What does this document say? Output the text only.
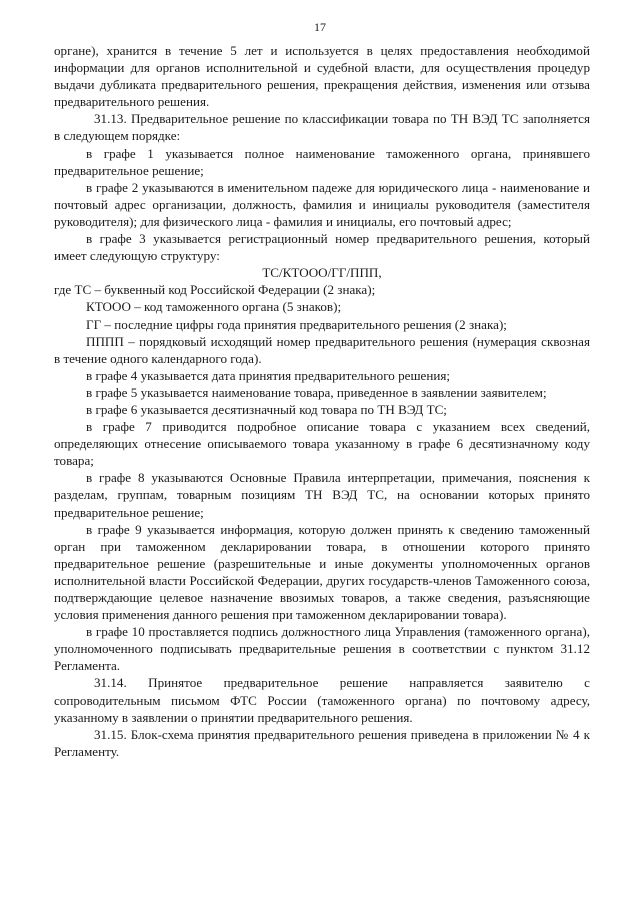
17

органе), хранится в течение 5 лет и используется в целях предоставления необходимой информации для органов исполнительной и судебной власти, для осуществления процедур выдачи дубликата предварительного решения, прекращения действия, изменения или отзыва предварительного решения.

31.13. Предварительное решение по классификации товара по ТН ВЭД ТС заполняется в следующем порядке:

в графе 1 указывается полное наименование таможенного органа, принявшего предварительное решение;

в графе 2 указываются в именительном падеже для юридического лица - наименование и почтовый адрес организации, должность, фамилия и инициалы руководителя (заместителя руководителя); для физического лица - фамилия и инициалы, его почтовый адрес;

в графе 3 указывается регистрационный номер предварительного решения, который имеет следующую структуру:

ТС/КТООО/ГГ/ППП,

где ТС – буквенный код Российской Федерации (2 знака);

КТООО – код таможенного органа (5 знаков);

ГГ – последние цифры года принятия предварительного решения (2 знака);

ПППП – порядковый исходящий номер предварительного решения (нумерация сквозная в течение одного календарного года).

в графе 4 указывается дата принятия предварительного решения;

в графе 5 указывается наименование товара, приведенное в заявлении заявителем;

в графе 6 указывается десятизначный код товара по ТН ВЭД ТС;

в графе 7 приводится подробное описание товара с указанием всех сведений, определяющих отнесение описываемого товара указанному в графе 6 десятизначному коду товара;

в графе 8 указываются Основные Правила интерпретации, примечания, пояснения к разделам, группам, товарным позициям ТН ВЭД ТС, на основании которых принято предварительное решение;

в графе 9 указывается информация, которую должен принять к сведению таможенный орган при таможенном декларировании товара, в отношении которого принято предварительное решение (разрешительные и иные документы уполномоченных органов исполнительной власти Российской Федерации, других государств-членов Таможенного союза, подтверждающие целевое назначение ввозимых товаров, а также сведения, разъясняющие условия применения данного решения при таможенном декларировании товара).

в графе 10 проставляется подпись должностного лица Управления (таможенного органа), уполномоченного подписывать предварительные решения в соответствии с пунктом 31.12 Регламента.

31.14. Принятое предварительное решение направляется заявителю с сопроводительным письмом ФТС России (таможенного органа) по почтовому адресу, указанному в заявлении о принятии предварительного решения.

31.15. Блок-схема принятия предварительного решения приведена в приложении № 4 к Регламенту.
